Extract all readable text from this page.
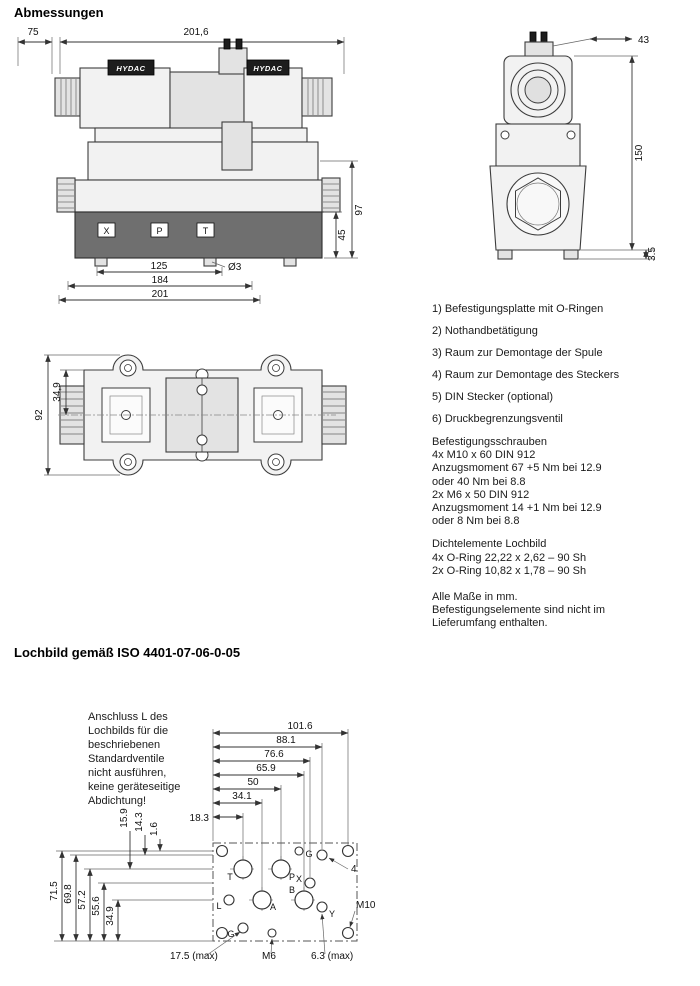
Abmessungen
Lochbild gemäß ISO 4401-07-06-0-05
75	201,6
HYDAC	HYDAC
X	P	T
Ø3
125
184
201
97
45
43
150
3.5
92
34,9
1) Befestigungsplatte mit O-Ringen
2) Nothandbetätigung
3) Raum zur Demontage der Spule
4) Raum zur Demontage des Steckers
5) DIN Stecker (optional)
6) Druckbegrenzungsventil
Befestigungsschrauben
4x M10 x 60 DIN 912
Anzugsmoment 67 +5 Nm bei 12.9
oder 40 Nm bei 8.8
2x M6 x 50 DIN 912
Anzugsmoment 14 +1 Nm bei 12.9
oder 8 Nm bei 8.8
Dichtelemente Lochbild
4x O-Ring 22,22 x 2,62 – 90 Sh
2x O-Ring 10,82 x 1,78 – 90 Sh
Alle Maße in mm.
Befestigungselemente sind nicht im
Lieferumfang enthalten.
T	P
A
B
L
X
Y
G
G
101.6
88.1
76.6
65.9
50
34.1
18.3
71.5 69.8 57.2 55.6
34.9
15.9 14.3 1.6
4
M10
17.5 (max)	M6	6.3 (max)
Anschluss L des
Lochbilds für die
beschriebenen
Standardventile
nicht ausführen,
keine geräteseitige
Abdichtung!
